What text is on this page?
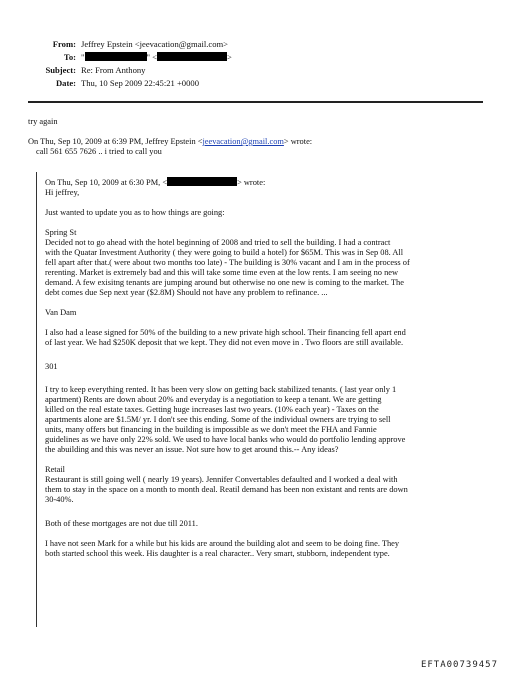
From: Jeffrey Epstein <jeevacation@gmail.com>
To: "	" <	>
Subject: Re: From Anthony
Date: Thu, 10 Sep 2009 22:45:21 +0000

try again

On Thu, Sep 10, 2009 at 6:39 PM, Jeffrey Epstein <jeevacation@gmail.com> wrote:

call 561 655 7626 .. i tried to call you

On Thu, Sep 10, 2009 at 6:30 PM, <	> wrote:

Hi jeffrey,

Just wanted to update you as to how things are going:

Spring St

Decided not to go ahead with the hotel beginning of 2008 and tried to sell the building. I had a contract

with the Quatar Investment Authority ( they were going to build a hotel) for $65M. This was in Sep 08. All

fell apart after that.( were about two months too late) - The building is 30% vacant and I am in the process of

rerenting. Market is extremely bad and this will take some time even at the low rents. I am seeing no new

demand. A few exisitng tenants are jumping around but otherwise no one new is coming to the market. The

debt comes due Sep next year ($2.8M) Should not have any problem to refinance. ...

Van Dam

I also had a lease signed for 50% of the building to a new private high school. Their financing fell apart end

of last year. We had $250K deposit that we kept. They did not even move in . Two floors are still available.

301

I try to keep everything rented. It has been very slow on getting back stabilized tenants. ( last year only 1

apartment) Rents are down about 20% and everyday is a negotiation to keep a tenant. We are getting

killed on the real estate taxes. Getting huge increases last two years. (10% each year) - Taxes on the

apartments alone are $1.5M/ yr. I don't see this ending. Some of the individual owners are trying to sell

units, many offers but financing in the building is impossible as we don't meet the FHA and Fannie

guidelines as we have only 22% sold. We used to have local banks who would do portfolio lending approve

the abuilding and this was never an issue. Not sure how to get around this.-- Any ideas?

Retail

Restaurant is still going well ( nearly 19 years). Jennifer Convertables defaulted and I worked a deal with

them to stay in the space on a month to month deal. Reatil demand has been non existant and rents are down

30-40%.

Both of these mortgages are not due till 2011.

I have not seen Mark for a while but his kids are around the building alot and seem to be doing fine. They

both started school this week. His daughter is a real character.. Very smart, stubborn, independent type.

EFTA00739457
